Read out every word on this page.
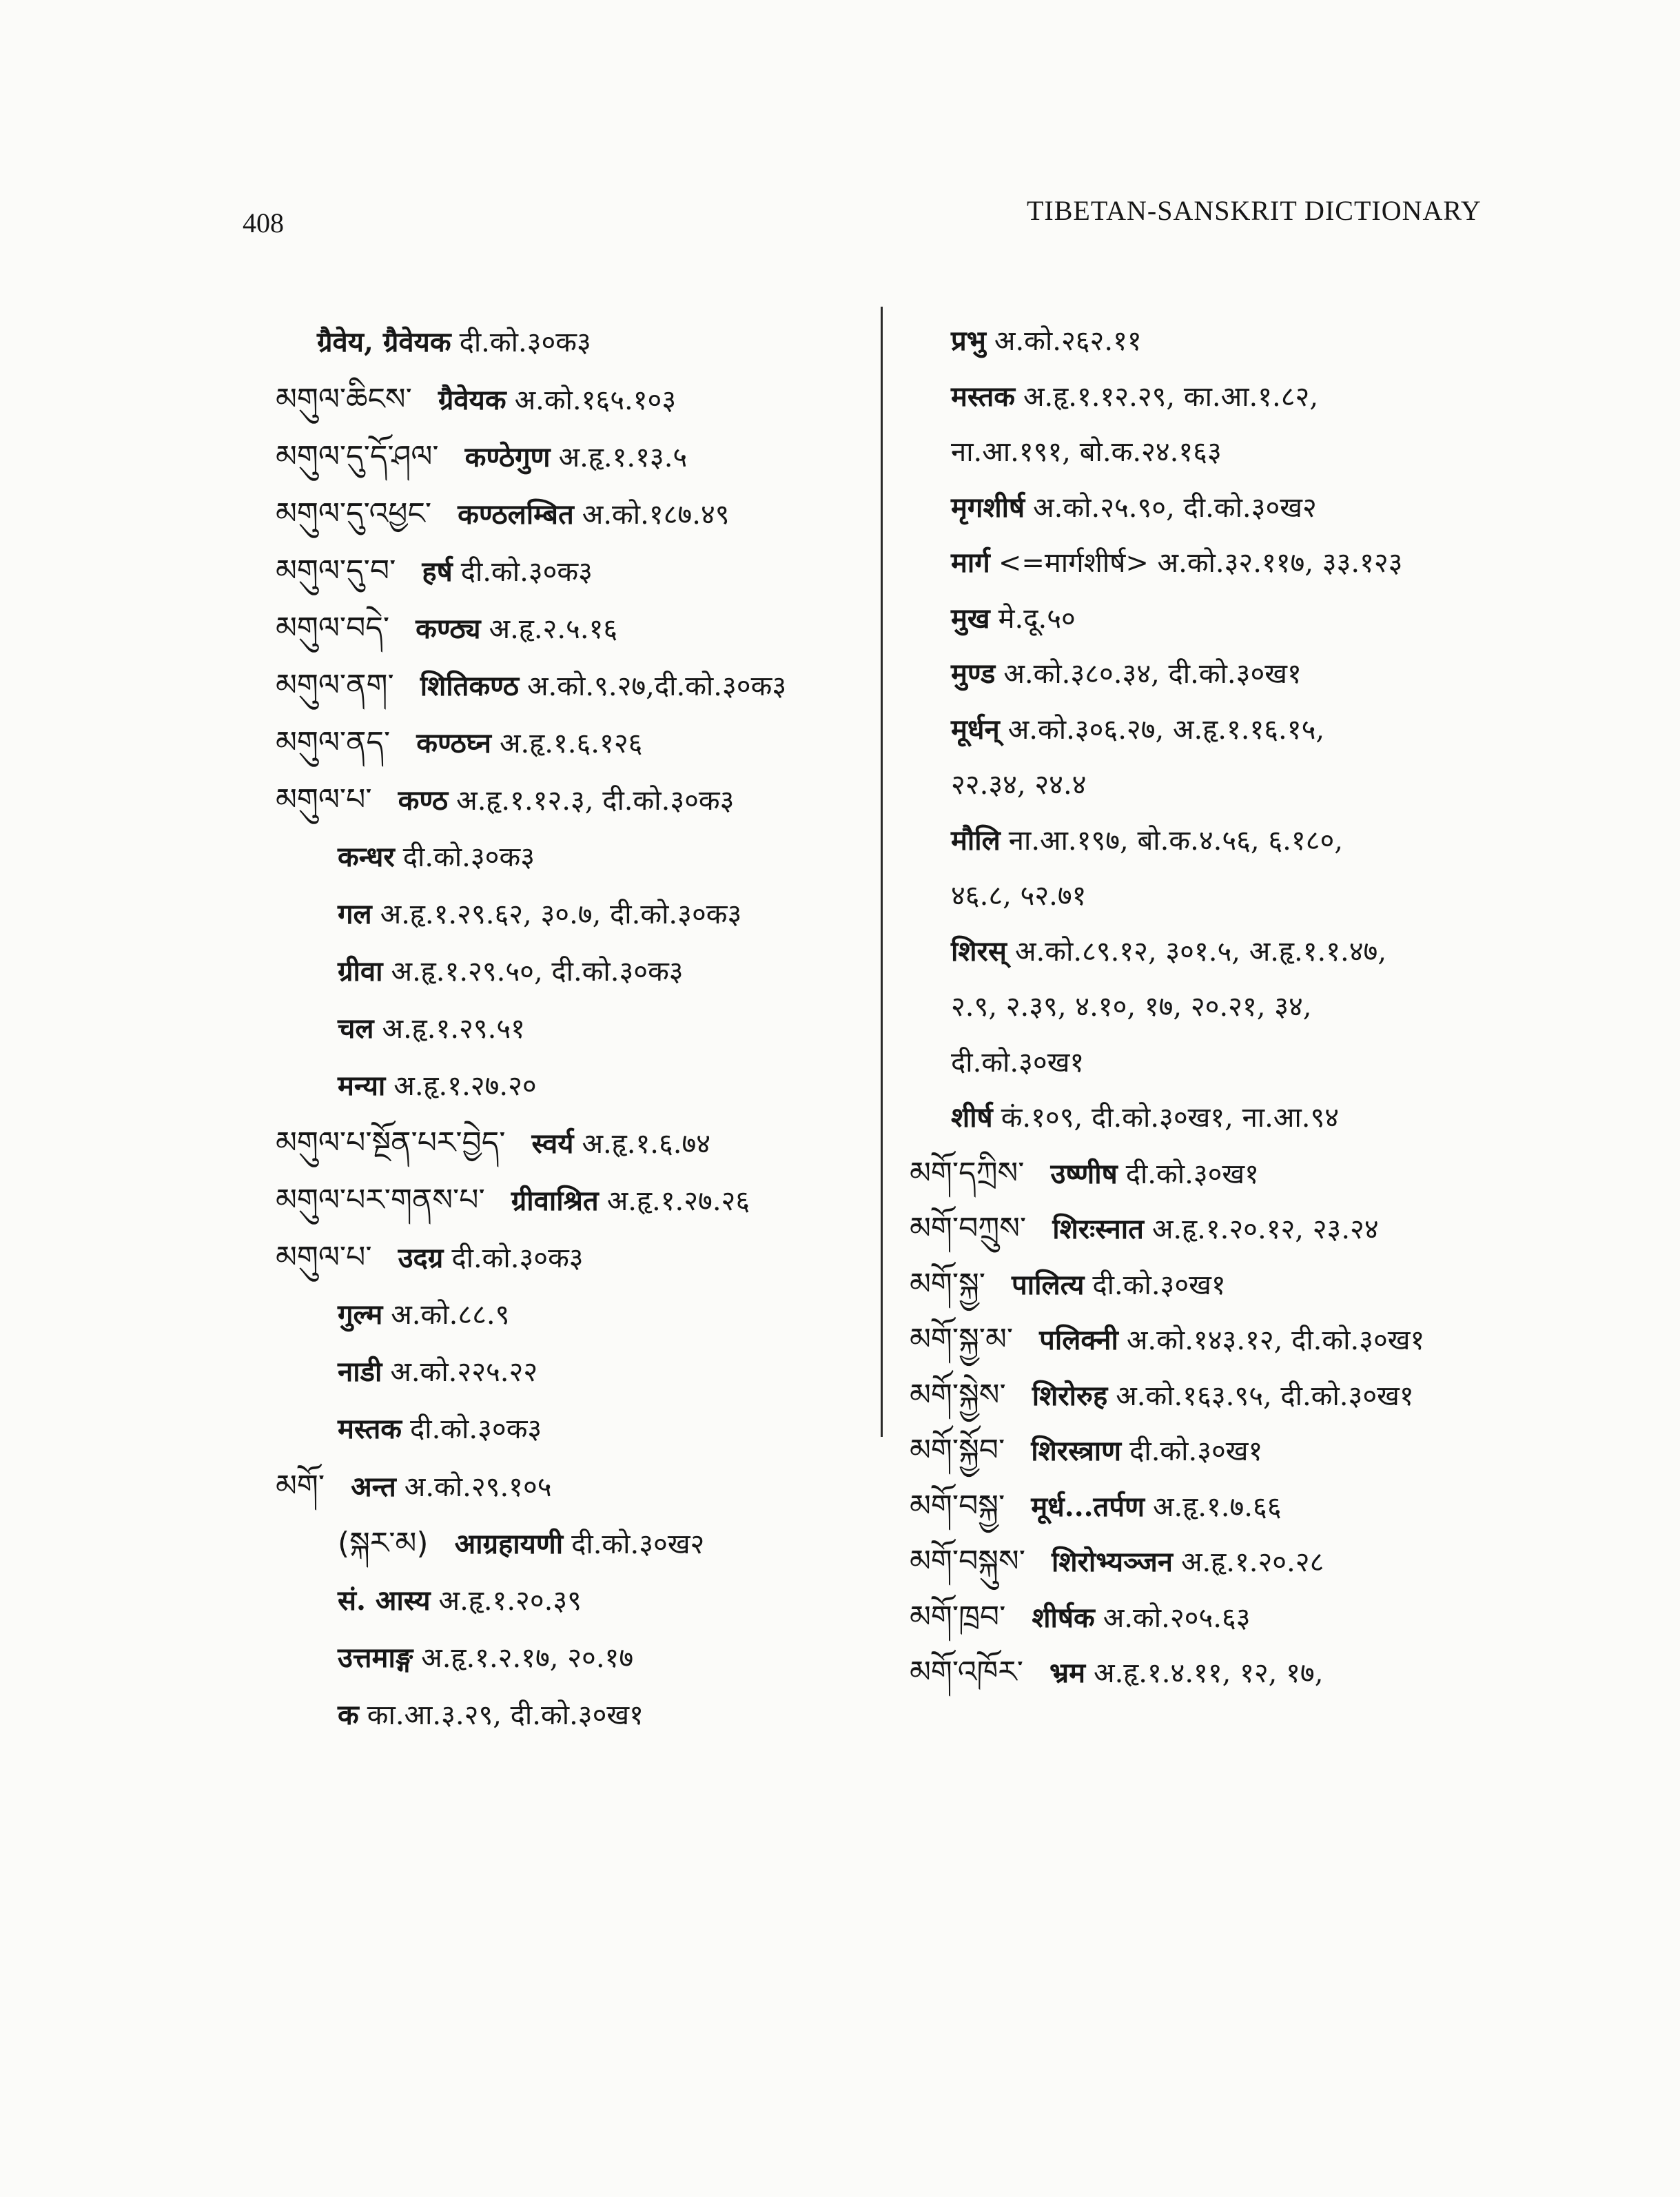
408	TIBETAN-SANSKRIT DICTIONARY
ग्रैवेय, ग्रैवेयक दी.को.३०क३
མགུལ་ཆིངས་ ग्रैवेयक अ.को.१६५.१०३
མགུལ་དུ་དོ་ཤལ་ कण्ठेगुण अ.हृ.१.१३.५
མགུལ་དུ་འཕྱང་ कण्ठलम्बित अ.को.१८७.४९
མགུལ་དུ་བ་ हर्ष दी.को.३०क३
མགུལ་བདེ་ कण्ठ्य अ.हृ.२.५.१६
མགུལ་ནག་ शितिकण्ठ अ.को.९.२७,दी.को.३०क३
མགུལ་ནད་ कण्ठघ्न अ.हृ.१.६.१२६
མགུལ་པ་ कण्ठ अ.हृ.१.१२.३, दी.को.३०क३
कन्धर दी.को.३०क३
गल अ.हृ.१.२९.६२, ३०.७, दी.को.३०क३
ग्रीवा अ.हृ.१.२९.५०, दी.को.३०क३
चल अ.हृ.१.२९.५१
मन्या अ.हृ.१.२७.२०
མགུལ་པ་སྔོན་པར་བྱེད་ स्वर्य अ.हृ.१.६.७४
མགུལ་པར་གནས་པ་ ग्रीवाश्रित अ.हृ.१.२७.२६
མགུལ་པ་ उदग्र दी.को.३०क३
गुल्म अ.को.८८.९
नाडी अ.को.२२५.२२
मस्तक दी.को.३०क३
མགོ་ अन्त अ.को.२९.१०५
(སྐར་མ) आग्रहायणी दी.को.३०ख२
सं. आस्य अ.हृ.१.२०.३९
उत्तमाङ्ग अ.हृ.१.२.१७, २०.१७
क का.आ.३.२९, दी.को.३०ख१
प्रभु अ.को.२६२.११
मस्तक अ.हृ.१.१२.२९, का.आ.१.८२,
ना.आ.१९१, बो.क.२४.१६३
मृगशीर्ष अ.को.२५.९०, दी.को.३०ख२
मार्ग <=मार्गशीर्ष> अ.को.३२.११७, ३३.१२३
मुख मे.दू.५०
मुण्ड अ.को.३८०.३४, दी.को.३०ख१
मूर्धन् अ.को.३०६.२७, अ.हृ.१.१६.१५,
२२.३४, २४.४
मौलि ना.आ.१९७, बो.क.४.५६, ६.१८०,
४६.८, ५२.७१
शिरस् अ.को.८९.१२, ३०१.५, अ.हृ.१.१.४७,
२.९, २.३९, ४.१०, १७, २०.२१, ३४,
दी.को.३०ख१
शीर्ष कं.१०९, दी.को.३०ख१, ना.आ.९४
མགོ་དཀྲིས་ उष्णीष दी.को.३०ख१
མགོ་བཀྲུས་ शिरःस्नात अ.हृ.१.२०.१२, २३.२४
མགོ་སྐྱ་ पालित्य दी.को.३०ख१
མགོ་སྐྱ་མ་ पलिक्नी अ.को.१४३.१२, दी.को.३०ख१
མགོ་སྐྱེས་ शिरोरुह अ.को.१६३.९५, दी.को.३०ख१
མགོ་སྐྱོབ་ शिरस्त्राण दी.को.३०ख१
མགོ་བསྐྱ་ मूर्ध...तर्पण अ.हृ.१.७.६६
མགོ་བསྐུས་ शिरोभ्यञ्जन अ.हृ.१.२०.२८
མགོ་ཁྲབ་ शीर्षक अ.को.२०५.६३
མགོ་འཁོར་ भ्रम अ.हृ.१.४.११, १२, १७,
